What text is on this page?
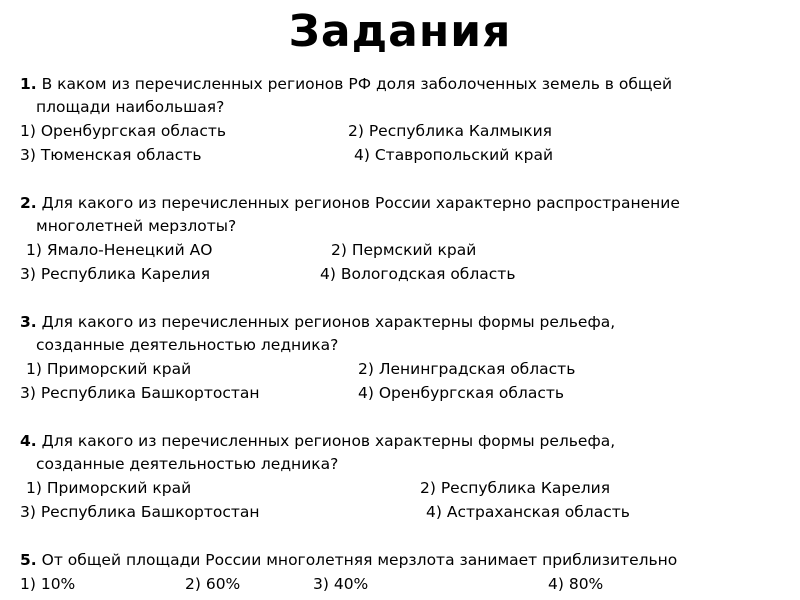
Задания
1. В каком из перечисленных регионов РФ доля заболоченных земель в общей
площади наибольшая?
1) Оренбургская область	2) Республика Калмыкия
3) Тюменская область	4) Ставропольский край
2. Для какого из перечисленных регионов России характерно распространение
многолетней мерзлоты?
1) Ямало-Ненецкий АО	2) Пермский край
3) Республика Карелия	4) Вологодская область
3. Для какого из перечисленных регионов характерны формы рельефа,
созданные деятельностью ледника?
1) Приморский край	2) Ленинградская область
3) Республика Башкортостан	4) Оренбургская область
4. Для какого из перечисленных регионов характерны формы рельефа,
созданные деятельностью ледника?
1) Приморский край	2) Республика Карелия
3) Республика Башкортостан	4) Астраханская область
5. От общей площади России многолетняя мерзлота занимает приблизительно
1) 10%	2) 60%	3) 40%	4) 80%
